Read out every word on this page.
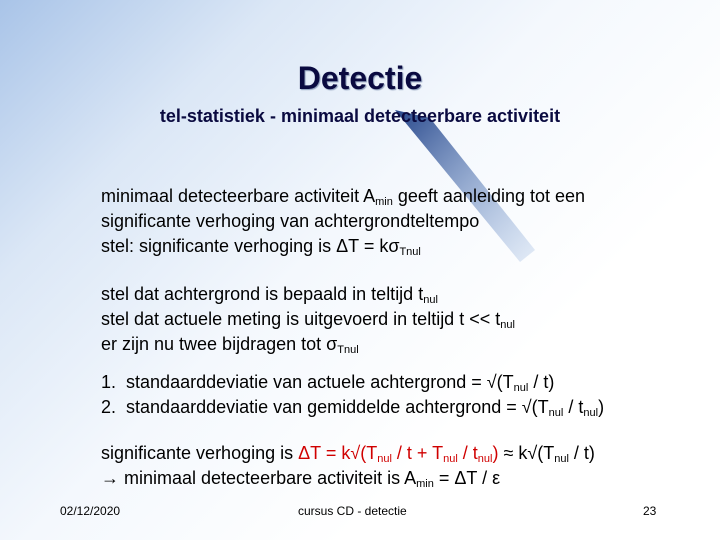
Detectie
tel-statistiek - minimaal detecteerbare activiteit
minimaal detecteerbare activiteit $A_{min}$ geeft aanleiding tot een
significante verhoging van achtergrondteltempo
stel: significante verhoging is $\Delta T = k\sigma_{Tnul}$
stel dat achtergrond is bepaald in teltijd $t_{nul}$
stel dat actuele meting is uitgevoerd in teltijd $t << t_{nul}$
er zijn nu twee bijdragen tot $\sigma_{Tnul}$
1. standaarddeviatie van actuele achtergrond = $√(T_{nul} / t)$
2. standaarddeviatie van gemiddelde achtergrond = $√(T_{nul} / t_{nul})$
significante verhoging is $\Delta T = k√(T_{nul} / t + T_{nul} / t_{nul}) \approx k√(T_{nul} / t)$
→ minimaal detecteerbare activiteit is $A_{min} = \Delta T / \varepsilon$
02/12/2020	cursus CD - detectie	23
